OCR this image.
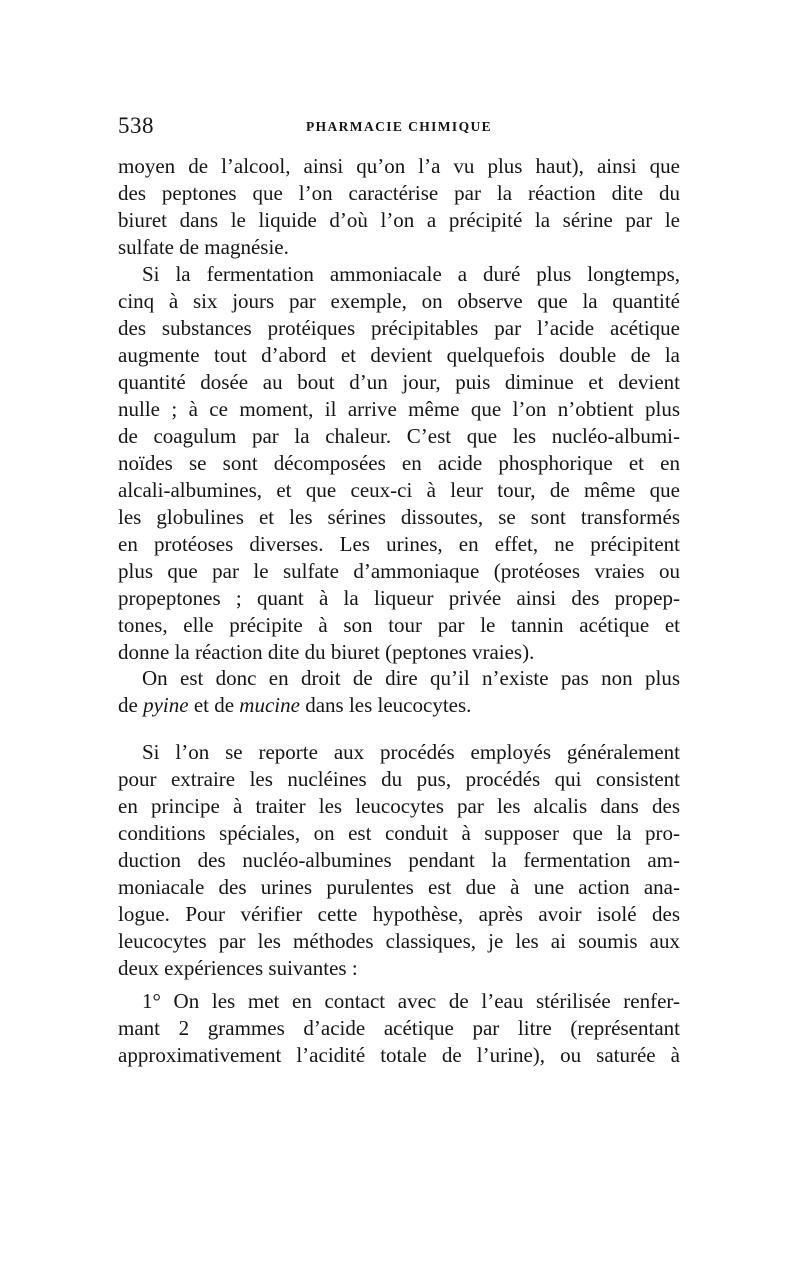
538	PHARMACIE CHIMIQUE
moyen de l’alcool, ainsi qu’on l’a vu plus haut), ainsi que
des peptones que l’on caractérise par la réaction dite du
biuret dans le liquide d’où l’on a précipité la sérine par le
sulfate de magnésie.
Si la fermentation ammoniacale a duré plus longtemps,
cinq à six jours par exemple, on observe que la quantité
des substances protéiques précipitables par l’acide acétique
augmente tout d’abord et devient quelquefois double de la
quantité dosée au bout d’un jour, puis diminue et devient
nulle ; à ce moment, il arrive même que l’on n’obtient plus
de coagulum par la chaleur. C’est que les nucléo-albumi-
noïdes se sont décomposées en acide phosphorique et en
alcali-albumines, et que ceux-ci à leur tour, de même que
les globulines et les sérines dissoutes, se sont transformés
en protéoses diverses. Les urines, en effet, ne précipitent
plus que par le sulfate d’ammoniaque (protéoses vraies ou
propeptones ; quant à la liqueur privée ainsi des propep-
tones, elle précipite à son tour par le tannin acétique et
donne la réaction dite du biuret (peptones vraies).
On est donc en droit de dire qu’il n’existe pas non plus
de pyine et de mucine dans les leucocytes.
Si l’on se reporte aux procédés employés généralement
pour extraire les nucléines du pus, procédés qui consistent
en principe à traiter les leucocytes par les alcalis dans des
conditions spéciales, on est conduit à supposer que la pro-
duction des nucléo-albumines pendant la fermentation am-
moniacale des urines purulentes est due à une action ana-
logue. Pour vérifier cette hypothèse, après avoir isolé des
leucocytes par les méthodes classiques, je les ai soumis aux
deux expériences suivantes :
1° On les met en contact avec de l’eau stérilisée renfer-
mant 2 grammes d’acide acétique par litre (représentant
approximativement l’acidité totale de l’urine), ou saturée à
